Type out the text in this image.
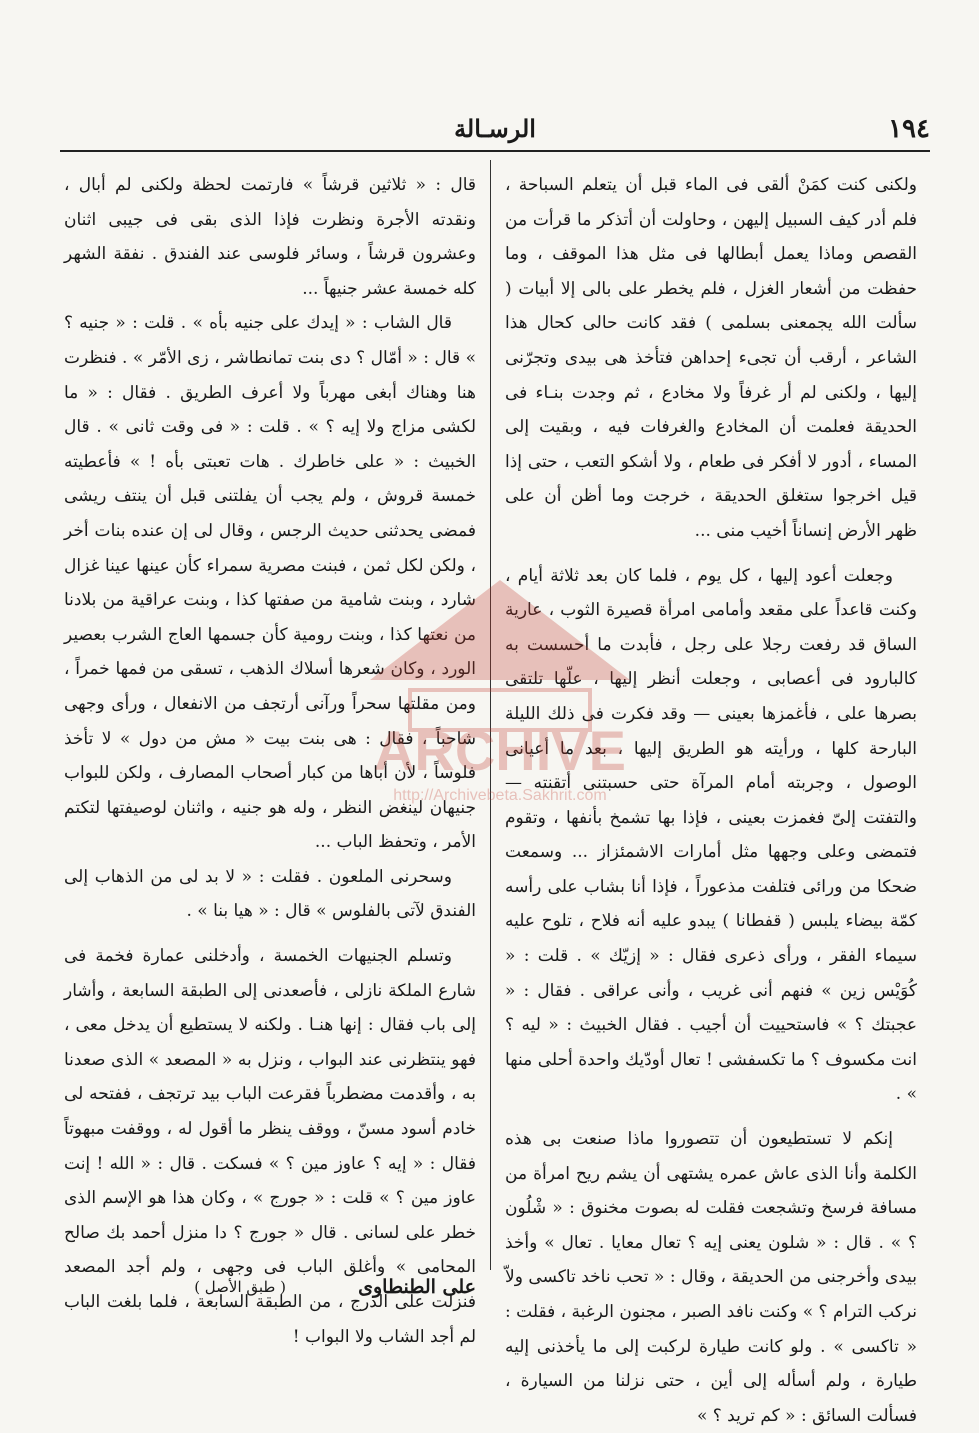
١٩٤
الرسـالة

ولكنى كنت كمَنْ ألقى فى الماء قبل أن يتعلم السباحة ، فلم أدر كيف السبيل إليهن ، وحاولت أن أتذكر ما قرأت من القصص وماذا يعمل أبطالها فى مثل هذا الموقف ، وما حفظت من أشعار الغزل ، فلم يخطر على بالى إلا أبيات ( سألت الله يجمعنى بسلمى ) فقد كانت حالى كحال هذا الشاعر ، أرقب أن تجىء إحداهن فتأخذ هى بيدى وتجرّنى إليها ، ولكنى لم أر غرفاً ولا مخادع ، ثم وجدت بنـاء فى الحديقة فعلمت أن المخادع والغرفات فيه ، وبقيت إلى المساء ، أدور لا أفكر فى طعام ، ولا أشكو التعب ، حتى إذا قيل اخرجوا ستغلق الحديقة ، خرجت وما أظن أن على ظهر الأرض إنساناً أخيب منى ...

وجعلت أعود إليها ، كل يوم ، فلما كان بعد ثلاثة أيام ، وكنت قاعداً على مقعد وأمامى امرأة قصيرة الثوب ، عارية الساق قد رفعت رجلا على رجل ، فأبدت ما أحسست به كالبارود فى أعصابى ، وجعلت أنظر إليها ، علّها تلتقى بصرها على ، فأغمزها بعينى — وقد فكرت فى ذلك الليلة البارحة كلها ، ورأيته هو الطريق إليها ، بعد ما أعيانى الوصول ، وجربته أمام المرآة حتى حسبتنى أتقنته — والتفتت إلىّ فغمزت بعينى ، فإذا بها تشمخ بأنفها ، وتقوم فتمضى وعلى وجهها مثل أمارات الاشمئزاز ... وسمعت ضحكا من ورائى فتلفت مذعوراً ، فإذا أنا بشاب على رأسه كمّة بيضاء يلبس ( قفطانا ) يبدو عليه أنه فلاح ، تلوح عليه سيماء الفقر ، ورأى ذعرى فقال : « إزيّك » . قلت : « كُوَيْس زين » فنهم أنى غريب ، وأنى عراقى . فقال : « عجبتك ؟ » فاستحييت أن أجيب . فقال الخبيث : « ليه ؟ انت مكسوف ؟ ما تكسفشى ! تعال أودّيك واحدة أحلى منها » .

إنكم لا تستطيعون أن تتصوروا ماذا صنعت بى هذه الكلمة وأنا الذى عاش عمره يشتهى أن يشم ريح امرأة من مسافة فرسخ وتشجعت فقلت له بصوت مخنوق : « شْلُون ؟ » . قال : « شلون يعنى إيه ؟ تعال معايا . تعال » وأخذ بيدى وأخرجنى من الحديقة ، وقال : « تحب ناخد تاكسى ولاّ نركب الترام ؟ » وكنت نافد الصبر ، مجنون الرغبة ، فقلت : « تاكسى » . ولو كانت طيارة لركبت إلى ما يأخذنى إليه طيارة ، ولم أسأله إلى أين ، حتى نزلنا من السيارة ، فسألت السائق : « كم تريد ؟ »

قال : « ثلاثين قرشاً » فارتمت لحظة ولكنى لم أبال ، ونقدته الأجرة ونظرت فإذا الذى بقى فى جيبى اثنان وعشرون قرشاً ، وسائر فلوسى عند الفندق . نفقة الشهر كله خمسة عشر جنيهاً ...

قال الشاب : « إيدك على جنيه بأه » . قلت : « جنيه ؟ » قال : « أمّال ؟ دى بنت تمانطاشر ، زى الأمّر » . فنظرت هنا وهناك أبغى مهرباً ولا أعرف الطريق . فقال : « ما لكشى مزاج ولا إيه ؟ » . قلت : « فى وقت ثانى » . قال الخبيث : « على خاطرك . هات تعبتى بأه ! » فأعطيته خمسة قروش ، ولم يجب أن يفلتنى قبل أن ينتف ريشى فمضى يحدثنى حديث الرجس ، وقال لى إن عنده بنات أخر ، ولكن لكل ثمن ، فبنت مصرية سمراء كأن عينها عينا غزال شارد ، وبنت شامية من صفتها كذا ، وبنت عراقية من بلادنا من نعتها كذا ، وبنت رومية كأن جسمها العاج الشرب بعصير الورد ، وكان شعرها أسلاك الذهب ، تسقى من فمها خمراً ، ومن مقلتها سحراً ورآنى أرتجف من الانفعال ، ورأى وجهى شاحباً ، فقال : هى بنت بيت « مش من دول » لا تأخذ فلوساً ، لأن أباها من كبار أصحاب المصارف ، ولكن للبواب جنيهان لينغض النظر ، وله هو جنيه ، واثنان لوصيفتها لتكتم الأمر ، وتحفظ الباب ...

وسحرنى الملعون . فقلت : « لا بد لى من الذهاب إلى الفندق لآتى بالفلوس » قال : « هيا بنا » .

وتسلم الجنيهات الخمسة ، وأدخلنى عمارة فخمة فى شارع الملكة نازلى ، فأصعدنى إلى الطبقة السابعة ، وأشار إلى باب فقال : إنها هنـا . ولكنه لا يستطيع أن يدخل معى ، فهو ينتظرنى عند البواب ، ونزل به « المصعد » الذى صعدنا به ، وأقدمت مضطرباً فقرعت الباب بيد ترتجف ، ففتحه لى خادم أسود مسنّ ، ووقف ينظر ما أقول له ، ووقفت مبهوتاً فقال : « إيه ؟ عاوز مين ؟ » فسكت . قال : « الله ! إنت عاوز مين ؟ » قلت : « جورج » ، وكان هذا هو الإسم الذى خطر على لسانى . قال « جورج ؟ دا منزل أحمد بك صالح المحامى » وأغلق الباب فى وجهى ، ولم أجد المصعد فنزلت على الدرج ، من الطبقة السابعة ، فلما بلغت الباب لم أجد الشاب ولا البواب !

على الطنطاوى
( طبق الأصل )
ARCHIVE
http://Archivebeta.Sakhrit.com
